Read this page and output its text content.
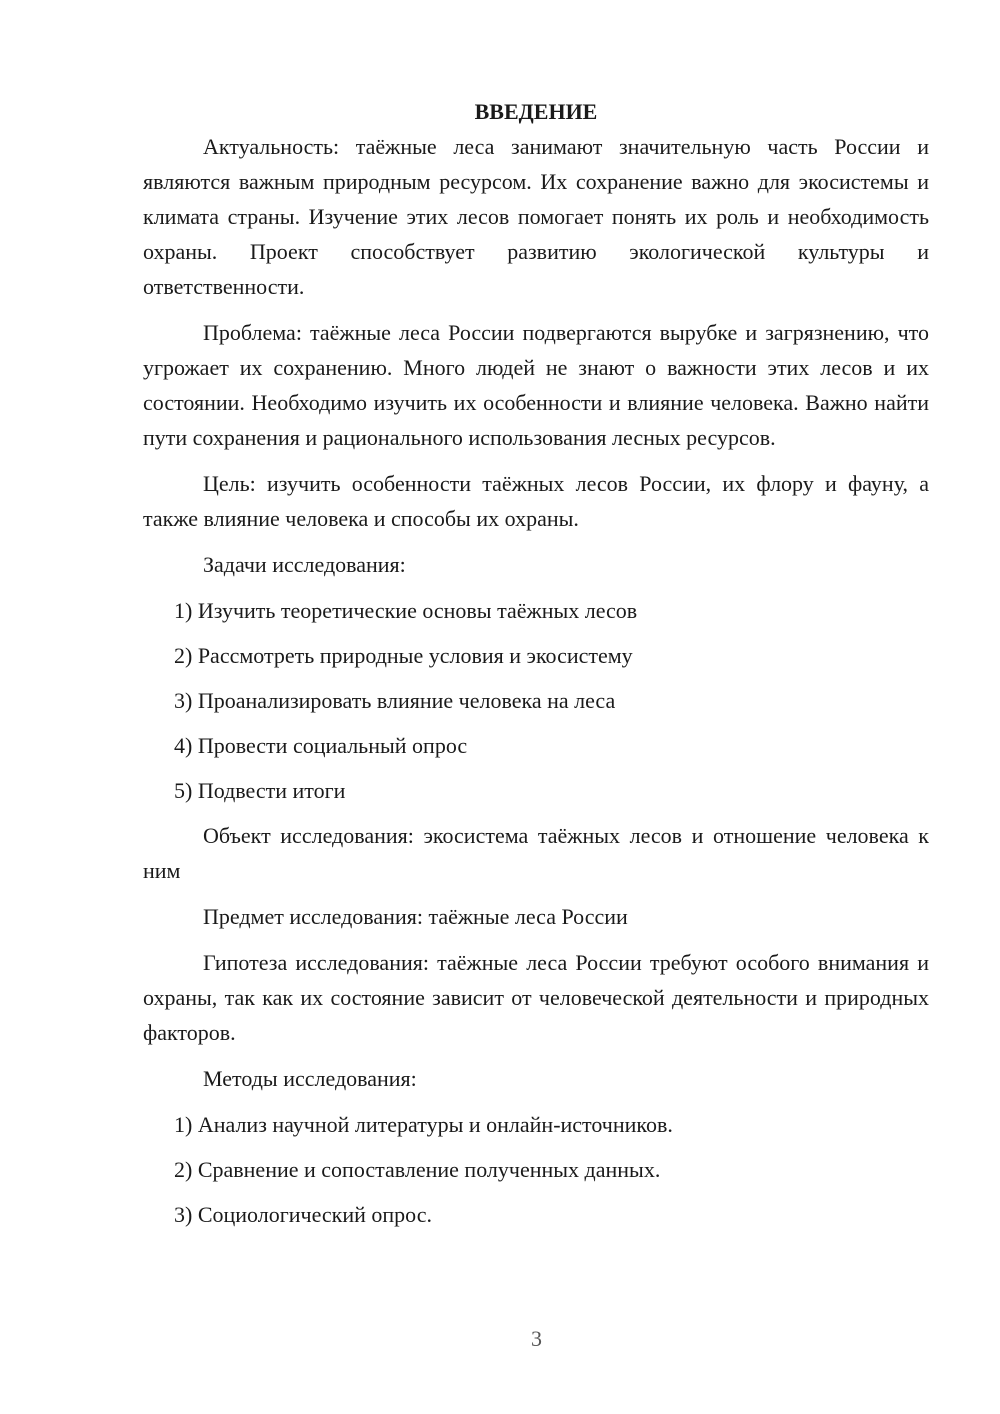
ВВЕДЕНИЕ

Актуальность: таёжные леса занимают значительную часть России и являются важным природным ресурсом. Их сохранение важно для экосистемы и климата страны. Изучение этих лесов помогает понять их роль и необходимость охраны. Проект способствует развитию экологической культуры и ответственности.

Проблема: таёжные леса России подвергаются вырубке и загрязнению, что угрожает их сохранению. Много людей не знают о важности этих лесов и их состоянии. Необходимо изучить их особенности и влияние человека. Важно найти пути сохранения и рационального использования лесных ресурсов.

Цель: изучить особенности таёжных лесов России, их флору и фауну, а также влияние человека и способы их охраны.

Задачи исследования:

1) Изучить теоретические основы таёжных лесов

2) Рассмотреть природные условия и экосистему

3) Проанализировать влияние человека на леса

4) Провести социальный опрос

5) Подвести итоги

Объект исследования: экосистема таёжных лесов и отношение человека к ним

Предмет исследования: таёжные леса России

Гипотеза исследования: таёжные леса России требуют особого внимания и охраны, так как их состояние зависит от человеческой деятельности и природных факторов.

Методы исследования:

1) Анализ научной литературы и онлайн-источников.

2) Сравнение и сопоставление полученных данных.

3) Социологический опрос.

3
